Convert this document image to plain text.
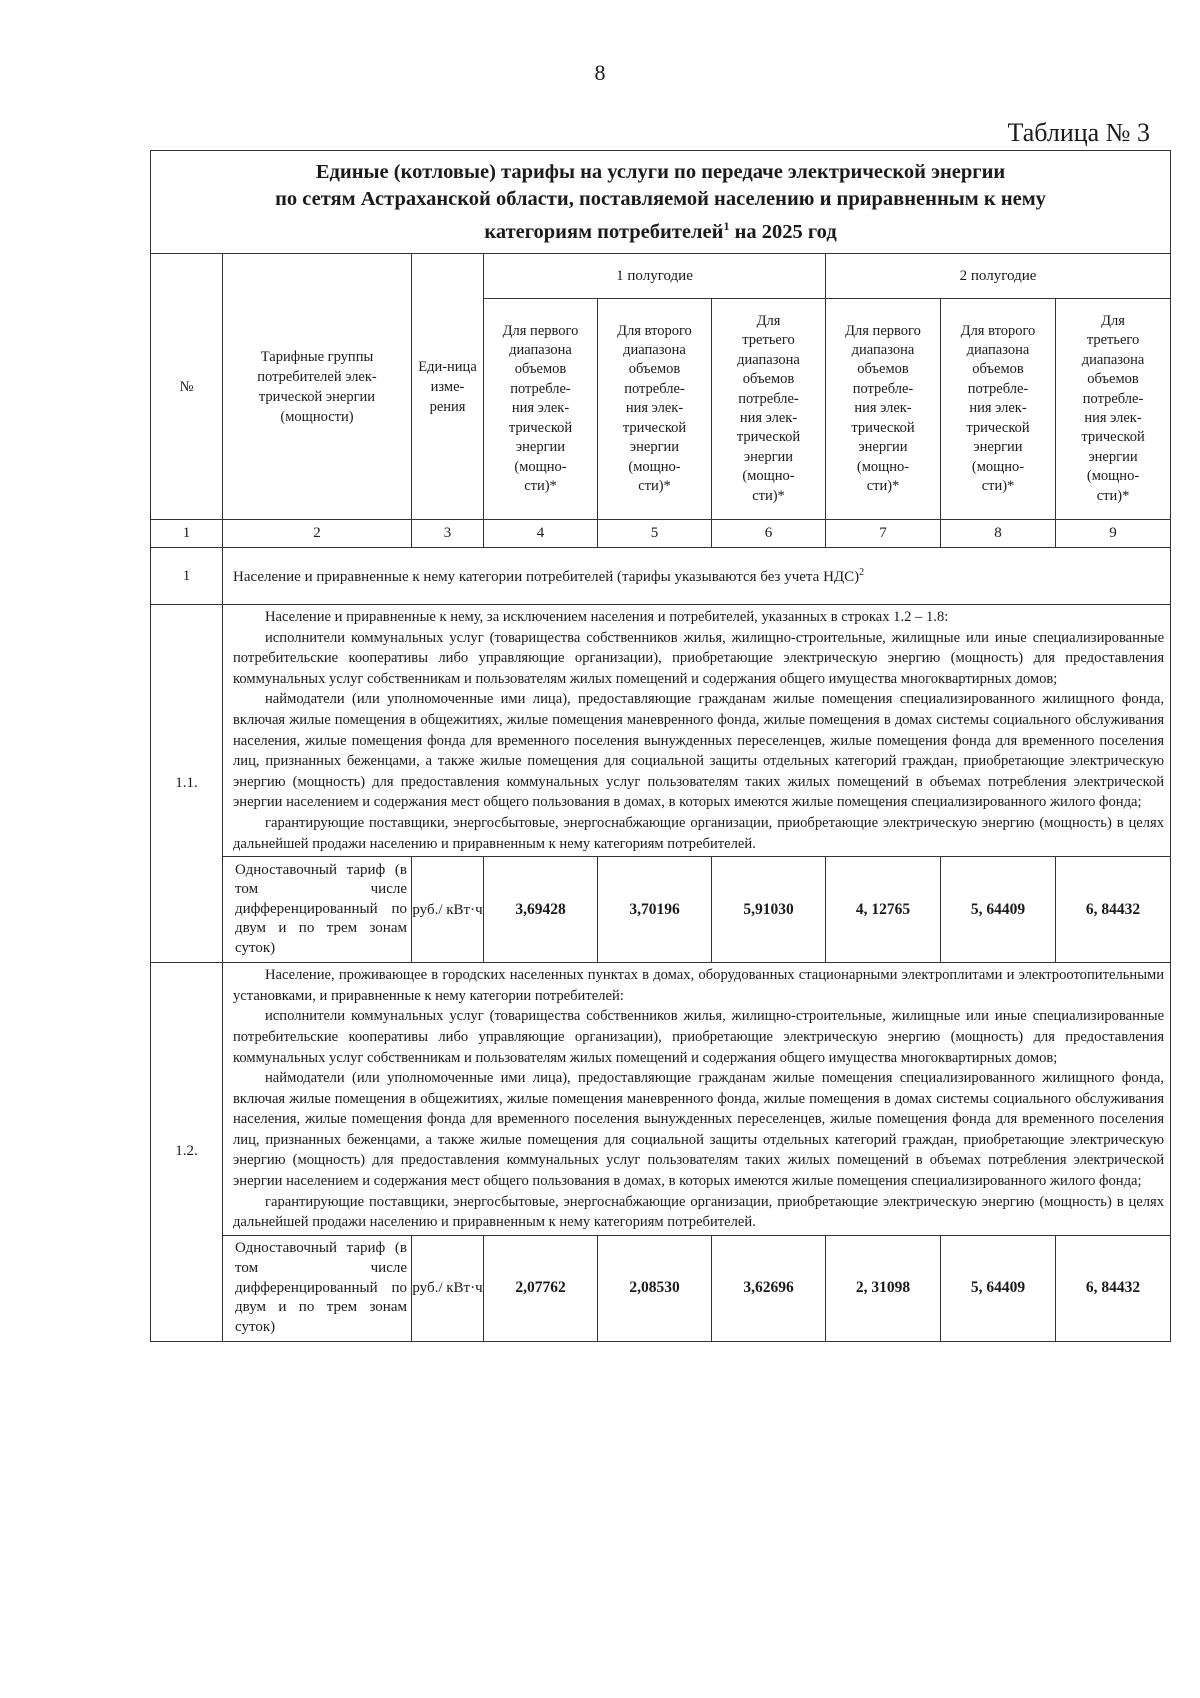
8
Таблица № 3
Единые (котловые) тарифы на услуги по передаче электрической энергии
по сетям Астраханской области, поставляемой населению и приравненным к нему
категориям потребителей$^1$ на 2025 год								

№	Тарифные группы потребителей элек-трической энергии (мощности)	Еди-ница изме-рения	1 полугодие			2 полугодие		
			Для первого диапазона объемов потребле-ния элек-трической энергии (мощно-сти)*	Для второго диапазона объемов потребле-ния элек-трической энергии (мощно-сти)*	Для третьего диапазона объемов потребле-ния элек-трической энергии (мощно-сти)*	Для первого диапазона объемов потребле-ния элек-трической энергии (мощно-сти)*	Для второго диапазона объемов потребле-ния элек-трической энергии (мощно-сти)*	Для третьего диапазона объемов потребле-ния элек-трической энергии (мощно-сти)*
1	2	3	4	5	6	7	8	9
1	Население и приравненные к нему категории потребителей (тарифы указываются без учета НДС)$^2$
1.1.	Население и приравненные к нему, за исключением населения и потребителей, указанных в строках 1.2 – 1.8:

исполнители коммунальных услуг (товарищества собственников жилья, жилищно-строительные, жилищные или иные специализированные потребительские кооперативы либо управляющие организации), приобретающие электрическую энергию (мощность) для предоставления коммунальных услуг собственникам и пользователям жилых помещений и содержания общего имущества многоквартирных домов;

наймодатели (или уполномоченные ими лица), предоставляющие гражданам жилые помещения специализированного жилищного фонда, включая жилые помещения в общежитиях, жилые помещения маневренного фонда, жилые помещения в домах системы социального обслуживания населения, жилые помещения фонда для временного поселения вынужденных переселенцев, жилые помещения фонда для временного поселения лиц, признанных беженцами, а также жилые помещения для социальной защиты отдельных категорий граждан, приобретающие электрическую энергию (мощность) для предоставления коммунальных услуг пользователям таких жилых помещений в объемах потребления электрической энергии населением и содержания мест общего пользования в домах, в которых имеются жилые помещения специализированного жилого фонда;

гарантирующие поставщики, энергосбытовые, энергоснабжающие организации, приобретающие электрическую энергию (мощность) в целях дальнейшей продажи населению и приравненным к нему категориям потребителей.							

	Одноставочный тариф (в том числе дифференцированный по двум и по трем зонам суток)	руб./ кВт·ч	3,69428	3,70196	5,91030	4, 12765	5, 64409	6, 84432
1.2.	Население, проживающее в городских населенных пунктах в домах, оборудованных стационарными электроплитами и электроотопительными установками, и приравненные к нему категории потребителей:

исполнители коммунальных услуг (товарищества собственников жилья, жилищно-строительные, жилищные или иные специализированные потребительские кооперативы либо управляющие организации), приобретающие электрическую энергию (мощность) для предоставления коммунальных услуг собственникам и пользователям жилых помещений и содержания общего имущества многоквартирных домов;

наймодатели (или уполномоченные ими лица), предоставляющие гражданам жилые помещения специализированного жилищного фонда, включая жилые помещения в общежитиях, жилые помещения маневренного фонда, жилые помещения в домах системы социального обслуживания населения, жилые помещения фонда для временного поселения вынужденных переселенцев, жилые помещения фонда для временного поселения лиц, признанных беженцами, а также жилые помещения для социальной защиты отдельных категорий граждан, приобретающие электрическую энергию (мощность) для предоставления коммунальных услуг пользователям таких жилых помещений в объемах потребления электрической энергии населением и содержания мест общего пользования в домах, в которых имеются жилые помещения специализированного жилого фонда;

гарантирующие поставщики, энергосбытовые, энергоснабжающие организации, приобретающие электрическую энергию (мощность) в целях дальнейшей продажи населению и приравненным к нему категориям потребителей.							

	Одноставочный тариф (в том числе дифференцированный по двум и по трем зонам суток)	руб./ кВт·ч	2,07762	2,08530	3,62696	2, 31098	5, 64409	6, 84432
